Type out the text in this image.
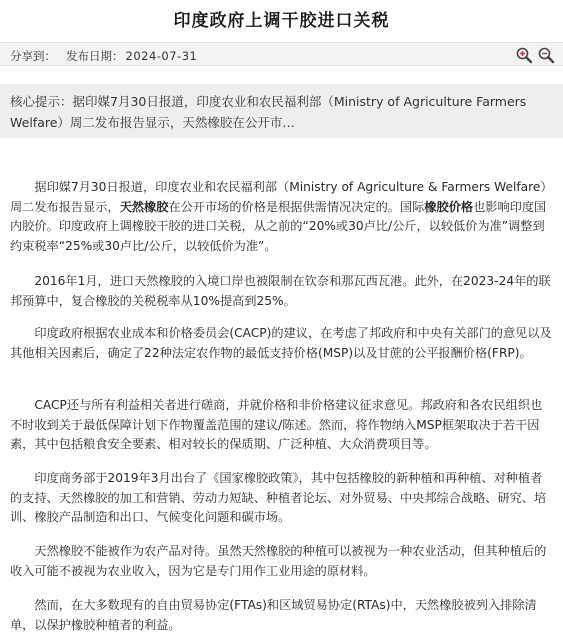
印度政府上调干胶进口关税
分享到： 发布日期： 2024-07-31
核心提示：据印媒7月30日报道，印度农业和农民福利部（Ministry of Agriculture Farmers Welfare）周二发布报告显示，天然橡胶在公开市…

据印媒7月30日报道，印度农业和农民福利部（Ministry of Agriculture & Farmers Welfare）周二发布报告显示，天然橡胶在公开市场的价格是根据供需情况决定的。国际橡胶价格也影响印度国内胶价。印度政府上调橡胶干胶的进口关税，从之前的“20%或30卢比/公斤，以较低价为准”调整到约束税率“25%或30卢比/公斤，以较低价为准”。

2016年1月，进口天然橡胶的入境口岸也被限制在钦奈和那瓦西瓦港。此外，在2023-24年的联邦预算中，复合橡胶的关税税率从10%提高到25%。

印度政府根据农业成本和价格委员会(CACP)的建议，在考虑了邦政府和中央有关部门的意见以及其他相关因素后，确定了22种法定农作物的最低支持价格(MSP)以及甘蔗的公平报酬价格(FRP)。

CACP还与所有利益相关者进行磋商，并就价格和非价格建议征求意见。邦政府和各农民组织也不时收到关于最低保障计划下作物覆盖范围的建议/陈述。然而，将作物纳入MSP框架取决于若干因素，其中包括粮食安全要素、相对较长的保质期、广泛种植、大众消费项目等。

印度商务部于2019年3月出台了《国家橡胶政策》，其中包括橡胶的新种植和再种植、对种植者的支持、天然橡胶的加工和营销、劳动力短缺、种植者论坛、对外贸易、中央邦综合战略、研究、培训、橡胶产品制造和出口、气候变化问题和碳市场。

天然橡胶不能被作为农产品对待。虽然天然橡胶的种植可以被视为一种农业活动，但其种植后的收入可能不被视为农业收入，因为它是专门用作工业用途的原材料。

然而，在大多数现有的自由贸易协定(FTAs)和区域贸易协定(RTAs)中，天然橡胶被列入排除清单，以保护橡胶种植者的利益。
